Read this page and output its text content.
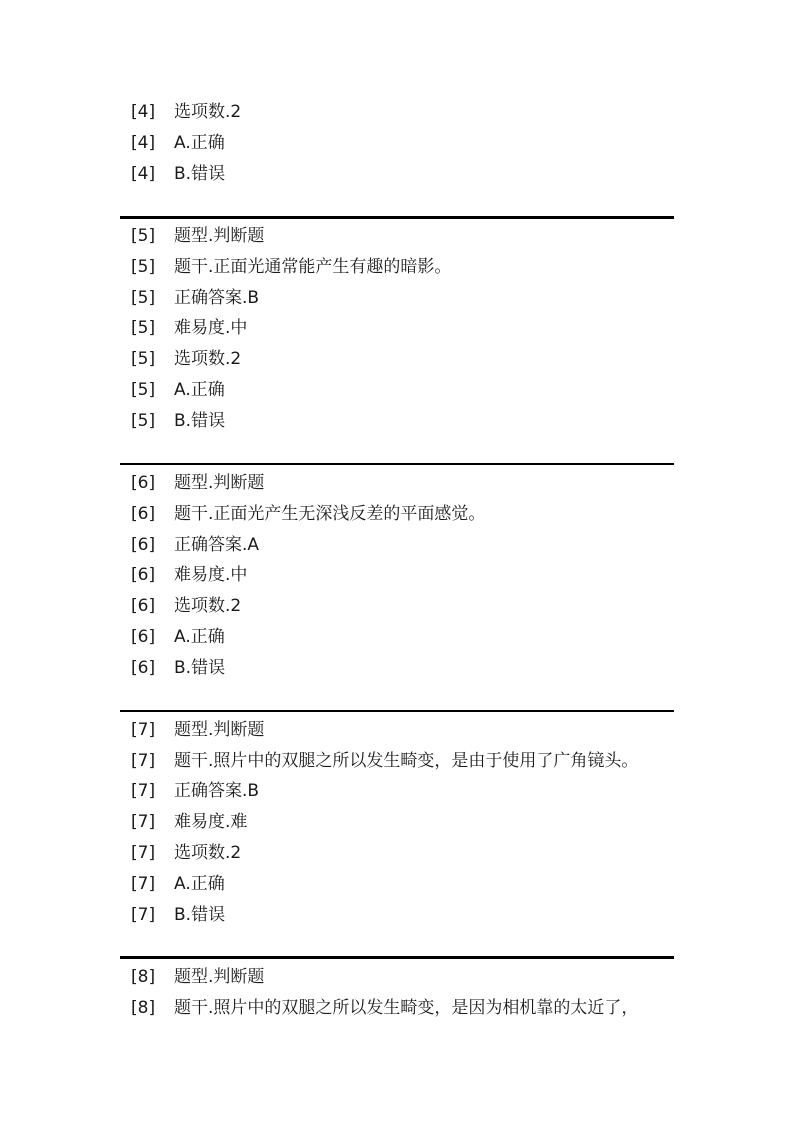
[4] 选项数.2
[4] A.正确
[4] B.错误
[5] 题型.判断题
[5] 题干.正面光通常能产生有趣的暗影。
[5] 正确答案.B
[5] 难易度.中
[5] 选项数.2
[5] A.正确
[5] B.错误
[6] 题型.判断题
[6] 题干.正面光产生无深浅反差的平面感觉。
[6] 正确答案.A
[6] 难易度.中
[6] 选项数.2
[6] A.正确
[6] B.错误
[7] 题型.判断题
[7] 题干.照片中的双腿之所以发生畸变，是由于使用了广角镜头。
[7] 正确答案.B
[7] 难易度.难
[7] 选项数.2
[7] A.正确
[7] B.错误
[8] 题型.判断题
[8] 题干.照片中的双腿之所以发生畸变，是因为相机靠的太近了，
